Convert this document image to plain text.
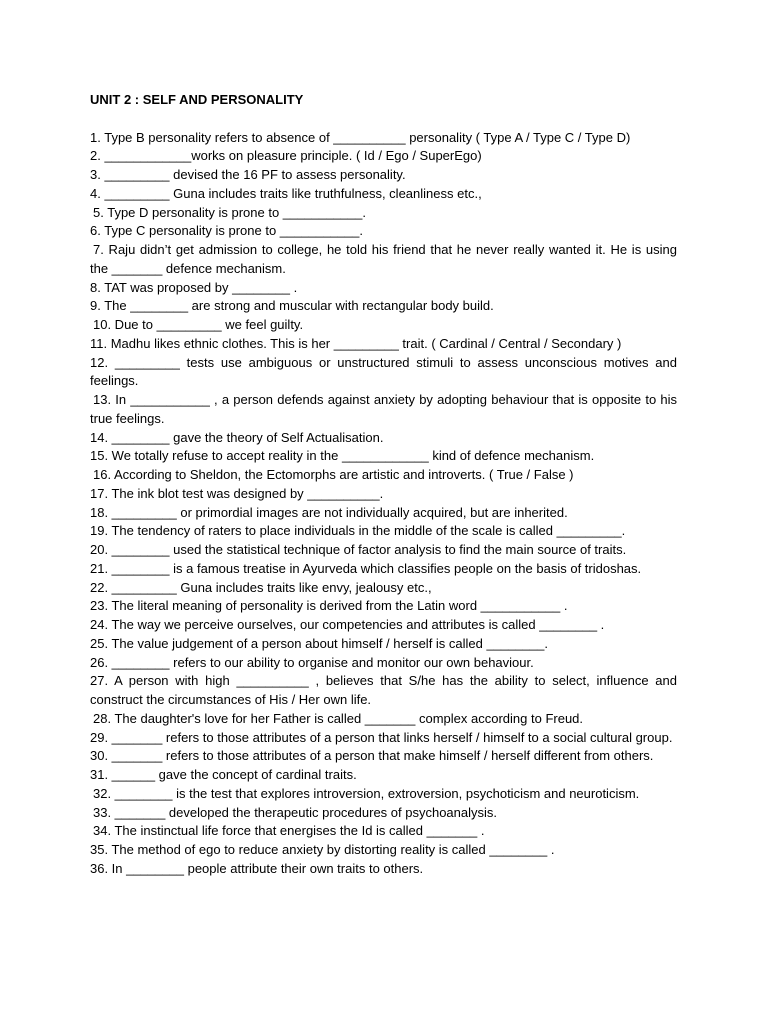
UNIT 2 : SELF AND PERSONALITY

1. Type B personality refers to absence of __________ personality ( Type A / Type C / Type D)

2. ____________works on pleasure principle. ( Id / Ego / SuperEgo)

3. _________ devised the 16 PF to assess personality.

4. _________ Guna includes traits like truthfulness, cleanliness etc.,

5. Type D personality is prone to ___________.

6. Type C personality is prone to ___________.

7. Raju didn’t get admission to college, he told his friend that he never really wanted it. He is using the _______ defence mechanism.

8. TAT was proposed by ________ .

9. The ________ are strong and muscular with rectangular body build.

10. Due to _________ we feel guilty.

11. Madhu likes ethnic clothes. This is her _________ trait. ( Cardinal / Central / Secondary )

12. _________ tests use ambiguous or unstructured stimuli to assess unconscious motives and feelings.

13. In ___________ , a person defends against anxiety by adopting behaviour that is opposite to his true feelings.

14. ________ gave the theory of Self Actualisation.

15. We totally refuse to accept reality in the ____________ kind of defence mechanism.

16. According to Sheldon, the Ectomorphs are artistic and introverts. ( True / False )

17. The ink blot test was designed by __________.

18. _________ or primordial images are not individually acquired, but are inherited.

19. The tendency of raters to place individuals in the middle of the scale is called _________.

20. ________ used the statistical technique of factor analysis to find the main source of traits.

21. ________ is a famous treatise in Ayurveda which classifies people on the basis of tridoshas.

22. _________ Guna includes traits like envy, jealousy etc.,

23. The literal meaning of personality is derived from the Latin word ___________ .

24. The way we perceive ourselves, our competencies and attributes is called ________ .

25. The value judgement of a person about himself / herself is called ________.

26. ________ refers to our ability to organise and monitor our own behaviour.

27. A person with high __________ , believes that S/he has the ability to select, influence and construct the circumstances of His / Her own life.

28. The daughter's love for her Father is called _______ complex according to Freud.

29. _______ refers to those attributes of a person that links herself / himself to a social cultural group.

30. _______ refers to those attributes of a person that make himself / herself different from others.

31. ______ gave the concept of cardinal traits.

32. ________ is the test that explores introversion, extroversion, psychoticism and neuroticism.

33. _______ developed the therapeutic procedures of psychoanalysis.

34. The instinctual life force that energises the Id is called _______ .

35. The method of ego to reduce anxiety by distorting reality is called ________ .

36. In ________ people attribute their own traits to others.
